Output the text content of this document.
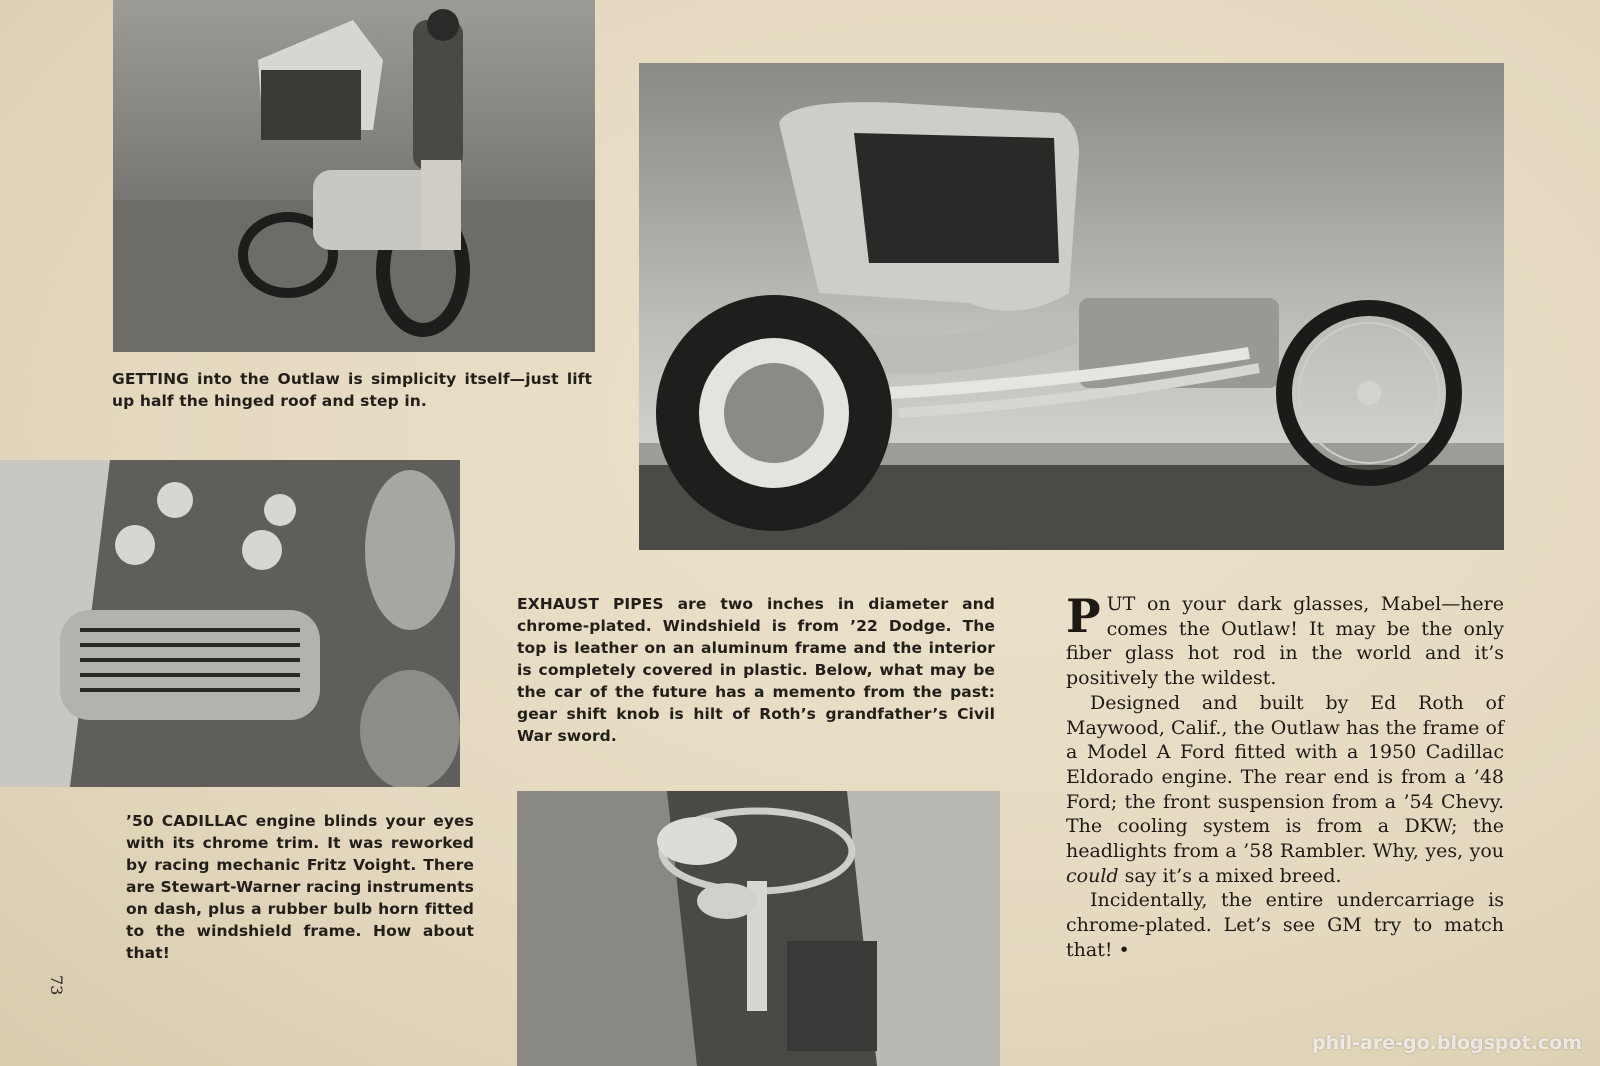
GETTING into the Outlaw is simplicity itself—just lift up half the hinged roof and step in.
EXHAUST PIPES are two inches in diameter and chrome-plated. Windshield is from ’22 Dodge. The top is leather on an aluminum frame and the interior is completely covered in plastic. Below, what may be the car of the future has a memento from the past: gear shift knob is hilt of Roth’s grandfather’s Civil War sword.
’50 CADILLAC engine blinds your eyes with its chrome trim. It was reworked by racing mechanic Fritz Voight. There are Stewart-Warner racing instruments on dash, plus a rubber bulb horn fitted to the windshield frame. How about that!

PUT on your dark glasses, Mabel—here comes the Outlaw! It may be the only fiber glass hot rod in the world and it’s positively the wildest.

Designed and built by Ed Roth of Maywood, Calif., the Outlaw has the frame of a Model A Ford fitted with a 1950 Cadillac Eldorado engine. The rear end is from a ’48 Ford; the front suspension from a ’54 Chevy. The cooling system is from a DKW; the headlights from a ’58 Rambler. Why, yes, you could say it’s a mixed breed.

Incidentally, the entire undercarriage is chrome-plated. Let’s see GM try to match that! •

73
phil-are-go.blogspot.com
